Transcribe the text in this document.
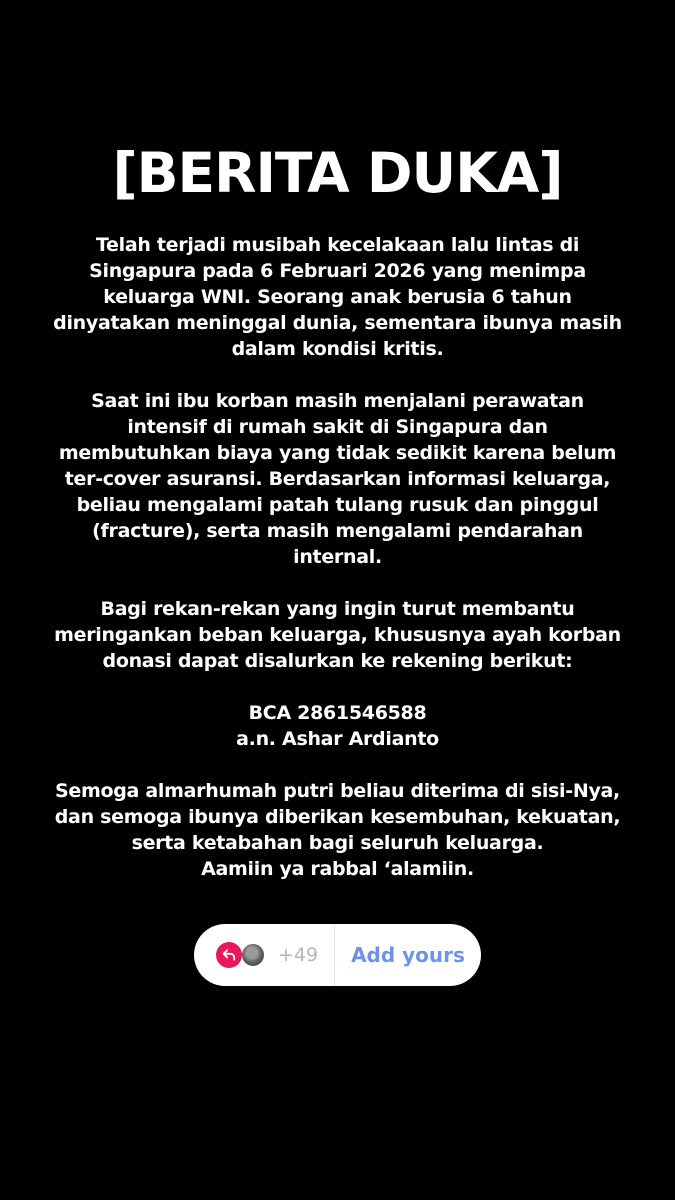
[BERITA DUKA]

Telah terjadi musibah kecelakaan lalu lintas di
Singapura pada 6 Februari 2026 yang menimpa
keluarga WNI. Seorang anak berusia 6 tahun
dinyatakan meninggal dunia, sementara ibunya masih
dalam kondisi kritis.

Saat ini ibu korban masih menjalani perawatan
intensif di rumah sakit di Singapura dan
membutuhkan biaya yang tidak sedikit karena belum
ter-cover asuransi. Berdasarkan informasi keluarga,
beliau mengalami patah tulang rusuk dan pinggul
(fracture), serta masih mengalami pendarahan
internal.

Bagi rekan-rekan yang ingin turut membantu
meringankan beban keluarga, khususnya ayah korban
donasi dapat disalurkan ke rekening berikut:

BCA 2861546588
a.n. Ashar Ardianto

Semoga almarhumah putri beliau diterima di sisi-Nya,
dan semoga ibunya diberikan kesembuhan, kekuatan,
serta ketabahan bagi seluruh keluarga.
Aamiin ya rabbal ‘alamiin.

+49	Add yours
